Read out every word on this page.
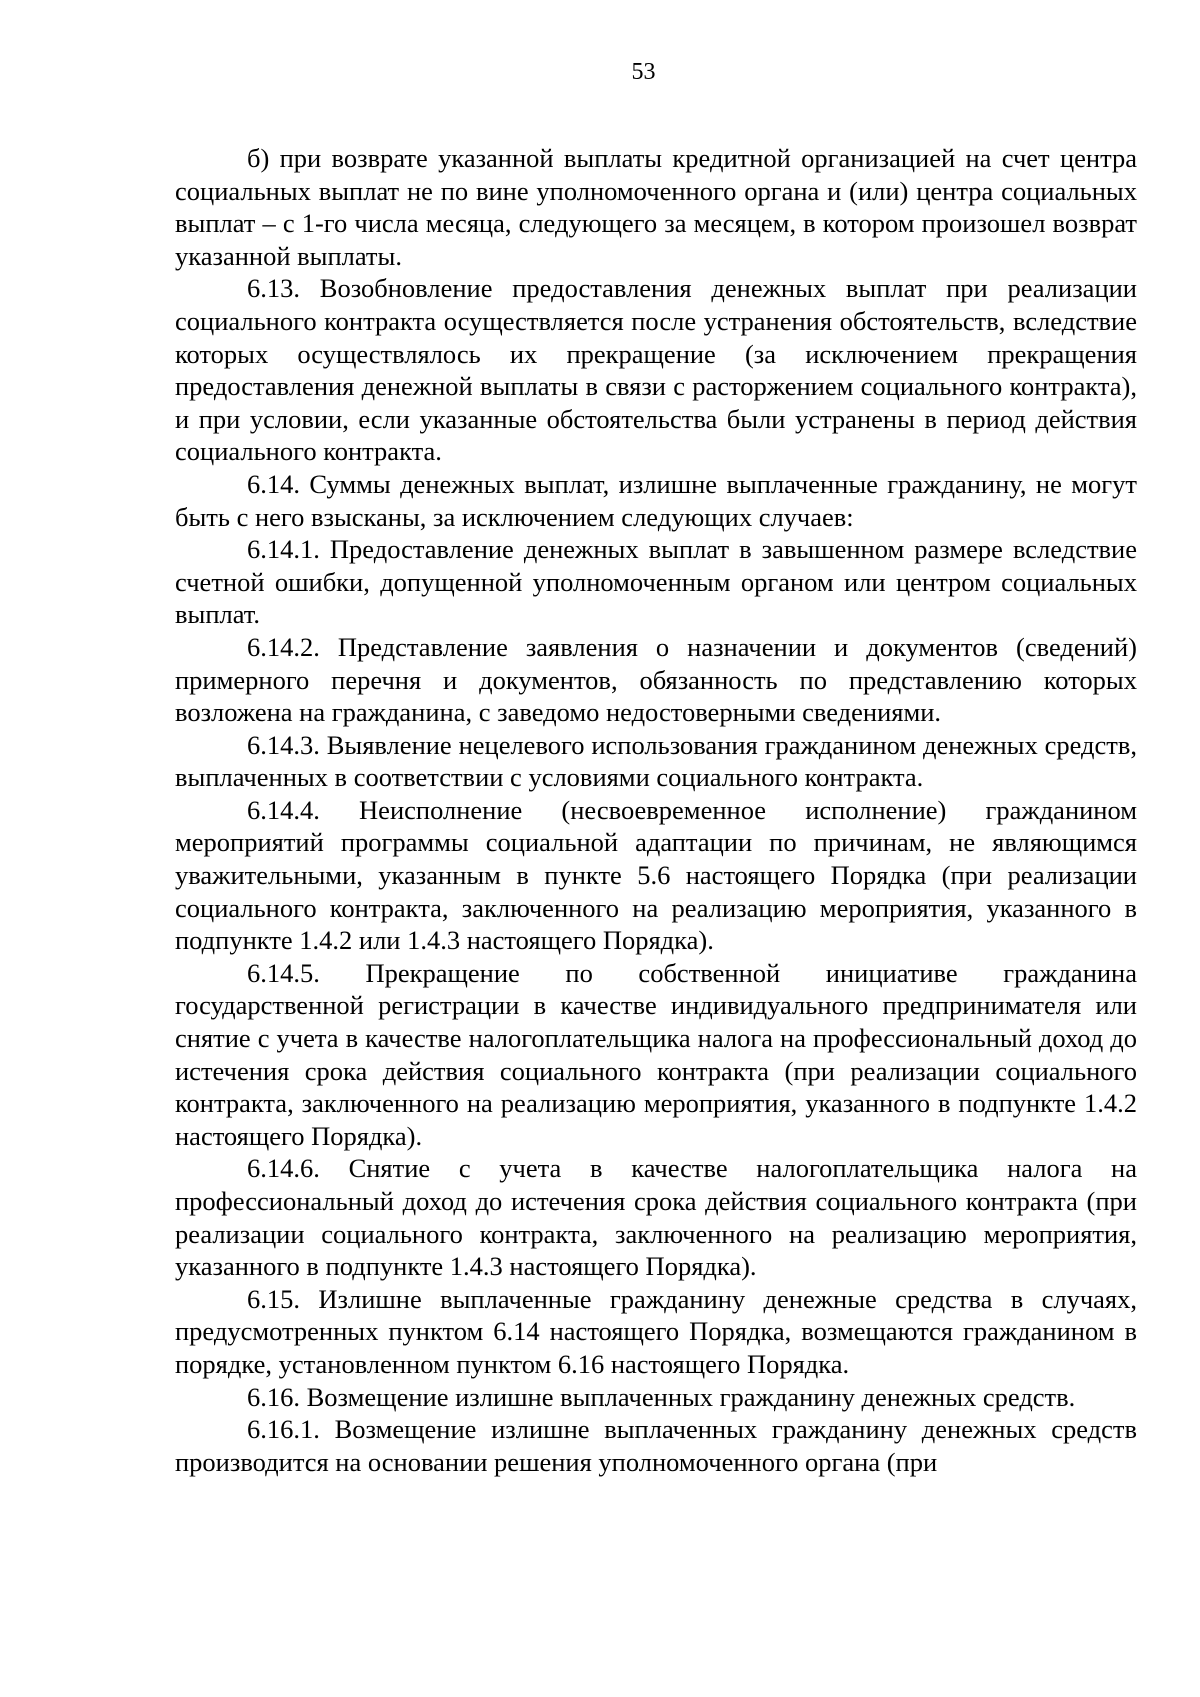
53

б) при возврате указанной выплаты кредитной организацией на счет центра социальных выплат не по вине уполномоченного органа и (или) центра социальных выплат – с 1-го числа месяца, следующего за месяцем, в котором произошел возврат указанной выплаты.

6.13. Возобновление предоставления денежных выплат при реализации социального контракта осуществляется после устранения обстоятельств, вследствие которых осуществлялось их прекращение (за исключением прекращения предоставления денежной выплаты в связи с расторжением социального контракта), и при условии, если указанные обстоятельства были устранены в период действия социального контракта.

6.14. Суммы денежных выплат, излишне выплаченные гражданину, не могут быть с него взысканы, за исключением следующих случаев:

6.14.1. Предоставление денежных выплат в завышенном размере вследствие счетной ошибки, допущенной уполномоченным органом или центром социальных выплат.

6.14.2. Представление заявления о назначении и документов (сведений) примерного перечня и документов, обязанность по представлению которых возложена на гражданина, с заведомо недостоверными сведениями.

6.14.3. Выявление нецелевого использования гражданином денежных средств, выплаченных в соответствии с условиями социального контракта.

6.14.4. Неисполнение (несвоевременное исполнение) гражданином мероприятий программы социальной адаптации по причинам, не являющимся уважительными, указанным в пункте 5.6 настоящего Порядка (при реализации социального контракта, заключенного на реализацию мероприятия, указанного в подпункте 1.4.2 или 1.4.3 настоящего Порядка).

6.14.5. Прекращение по собственной инициативе гражданина государственной регистрации в качестве индивидуального предпринимателя или снятие с учета в качестве налогоплательщика налога на профессиональный доход до истечения срока действия социального контракта (при реализации социального контракта, заключенного на реализацию мероприятия, указанного в подпункте 1.4.2 настоящего Порядка).

6.14.6. Снятие с учета в качестве налогоплательщика налога на профессиональный доход до истечения срока действия социального контракта (при реализации социального контракта, заключенного на реализацию мероприятия, указанного в подпункте 1.4.3 настоящего Порядка).

6.15. Излишне выплаченные гражданину денежные средства в случаях, предусмотренных пунктом 6.14 настоящего Порядка, возмещаются гражданином в порядке, установленном пунктом 6.16 настоящего Порядка.

6.16. Возмещение излишне выплаченных гражданину денежных средств.

6.16.1. Возмещение излишне выплаченных гражданину денежных средств производится на основании решения уполномоченного органа (при
